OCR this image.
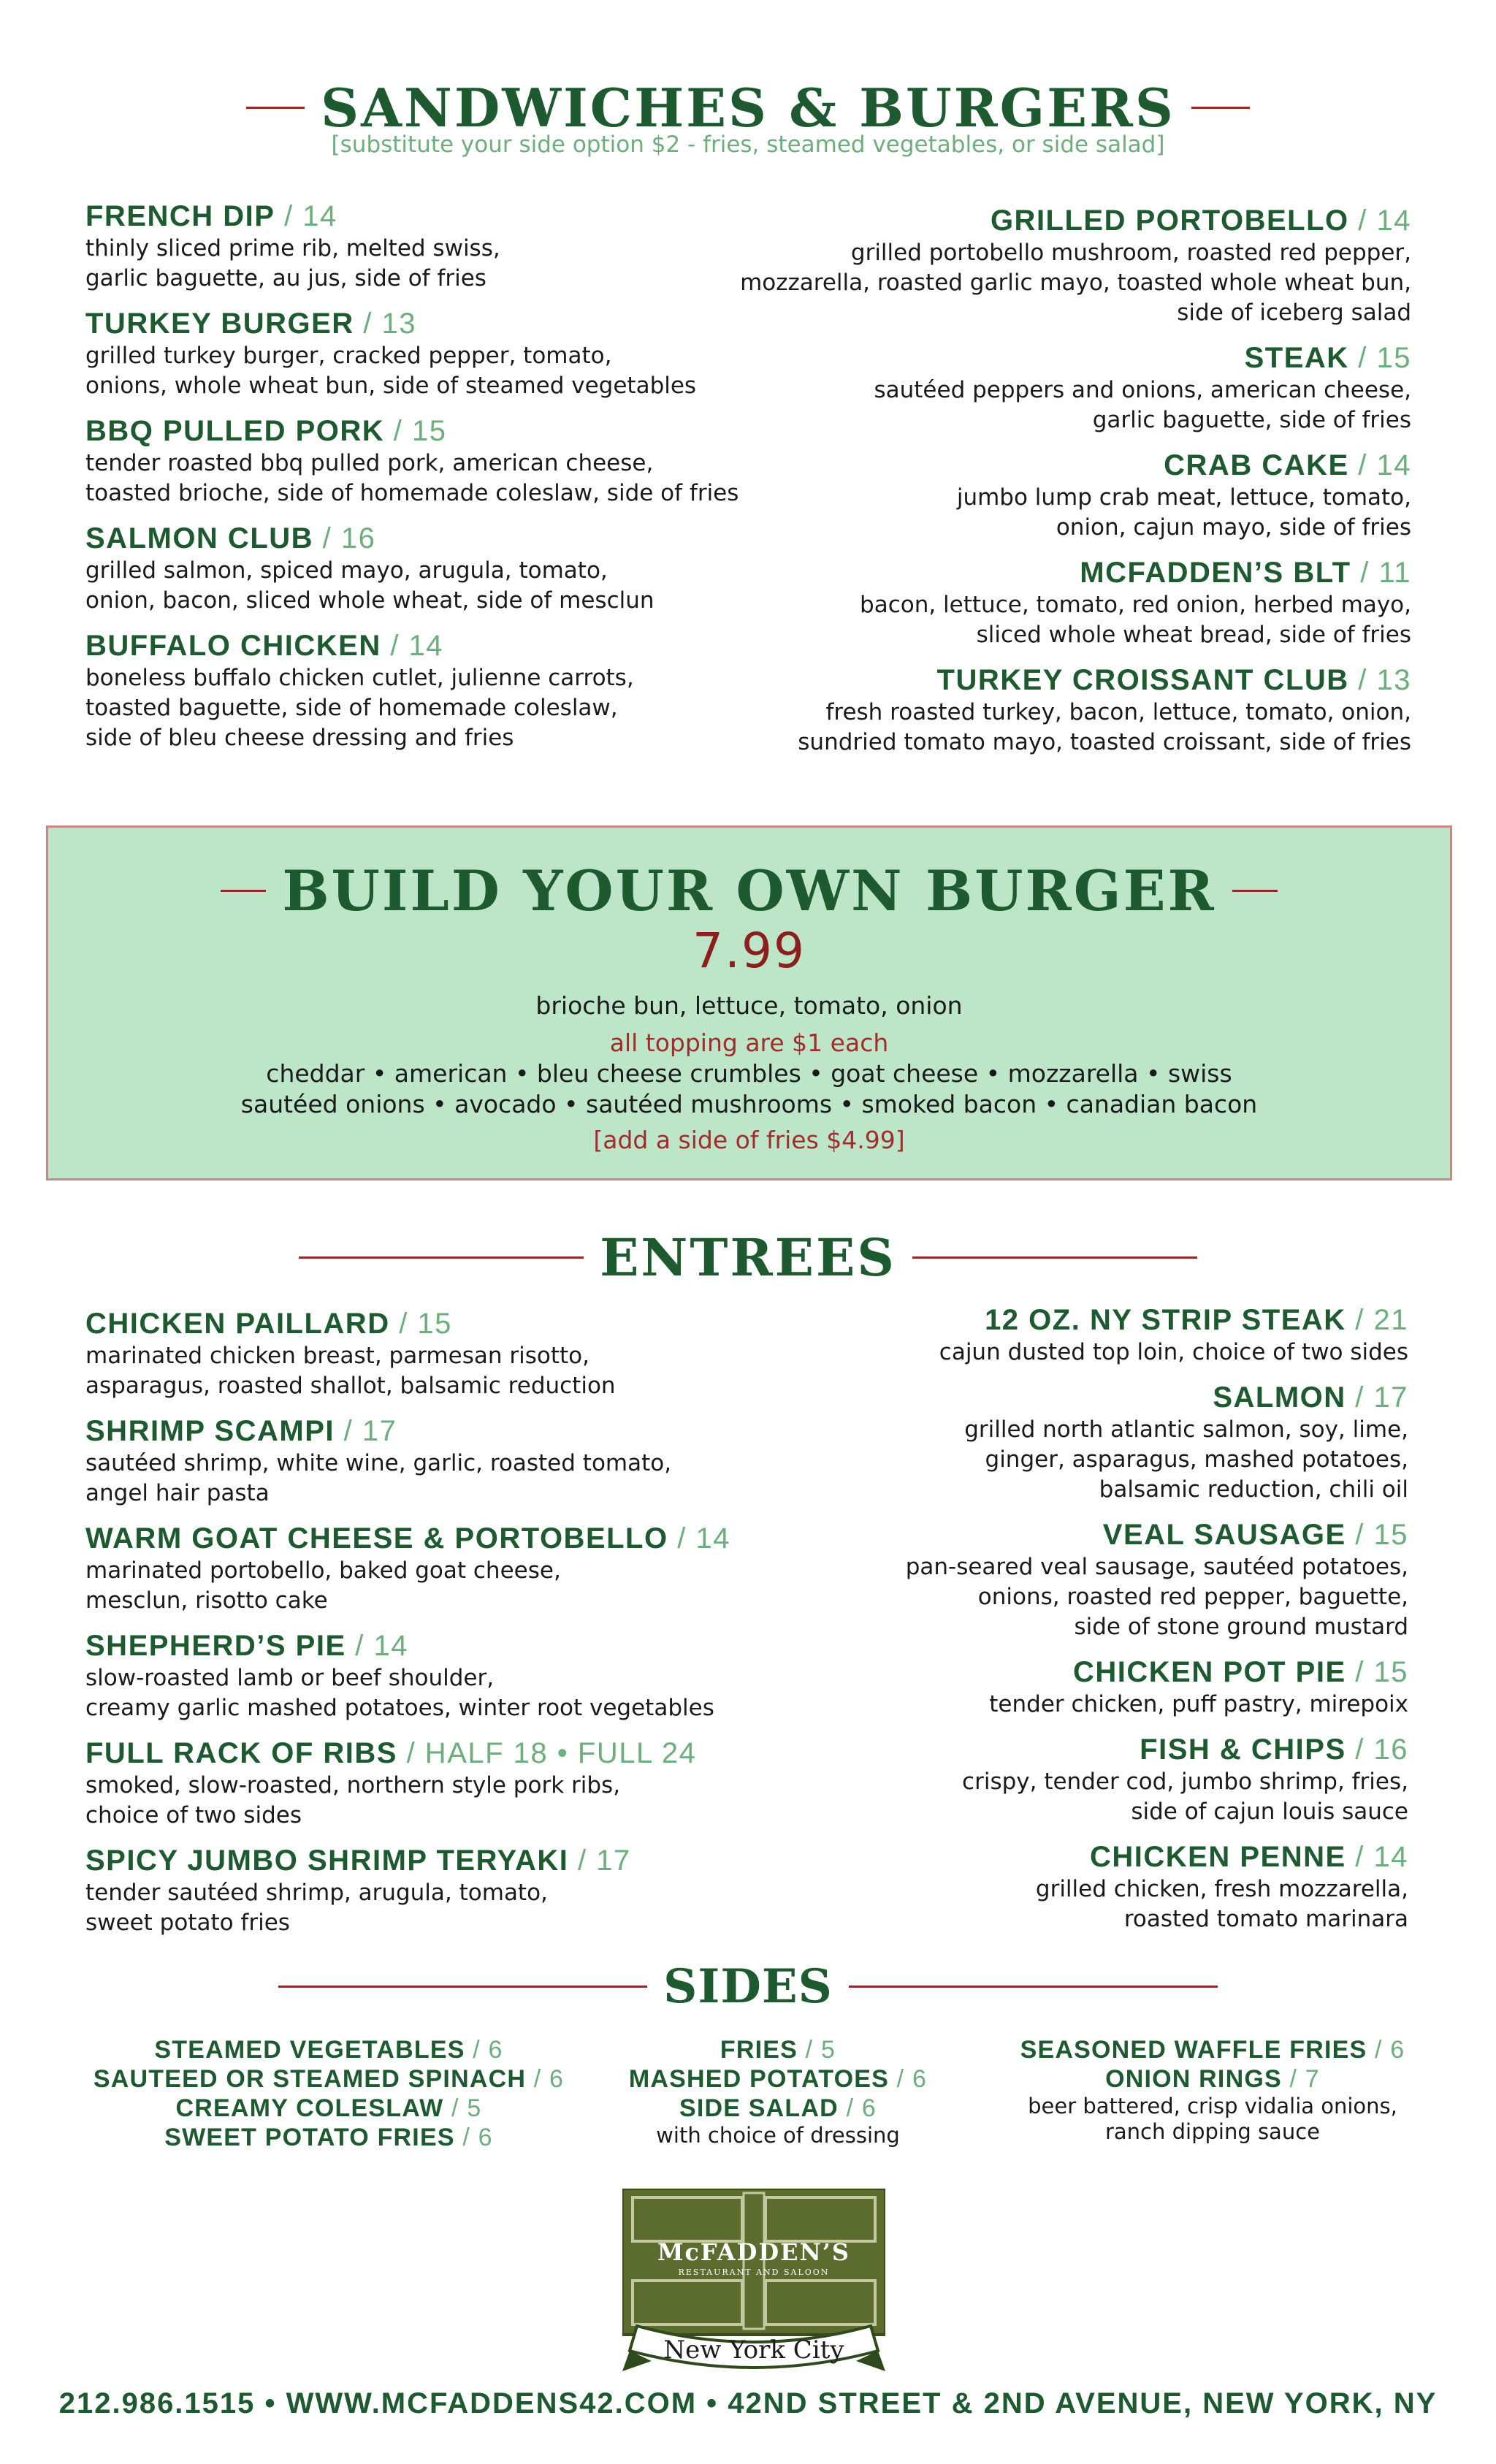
SANDWICHES & BURGERS
[substitute your side option $2 - fries, steamed vegetables, or side salad]
FRENCH DIP / 14
thinly sliced prime rib, melted swiss,
garlic baguette, au jus, side of fries
TURKEY BURGER / 13
grilled turkey burger, cracked pepper, tomato,
onions, whole wheat bun, side of steamed vegetables
BBQ PULLED PORK / 15
tender roasted bbq pulled pork, american cheese,
toasted brioche, side of homemade coleslaw, side of fries
SALMON CLUB / 16
grilled salmon, spiced mayo, arugula, tomato,
onion, bacon, sliced whole wheat, side of mesclun
BUFFALO CHICKEN / 14
boneless buffalo chicken cutlet, julienne carrots,
toasted baguette, side of homemade coleslaw,
side of bleu cheese dressing and fries
GRILLED PORTOBELLO / 14
grilled portobello mushroom, roasted red pepper,
mozzarella, roasted garlic mayo, toasted whole wheat bun,
side of iceberg salad
STEAK / 15
sautéed peppers and onions, american cheese,
garlic baguette, side of fries
CRAB CAKE / 14
jumbo lump crab meat, lettuce, tomato,
onion, cajun mayo, side of fries
MCFADDEN’S BLT / 11
bacon, lettuce, tomato, red onion, herbed mayo,
sliced whole wheat bread, side of fries
TURKEY CROISSANT CLUB / 13
fresh roasted turkey, bacon, lettuce, tomato, onion,
sundried tomato mayo, toasted croissant, side of fries
BUILD YOUR OWN BURGER
7.99
brioche bun, lettuce, tomato, onion
all topping are $1 each
cheddar • american • bleu cheese crumbles • goat cheese • mozzarella • swiss
sautéed onions • avocado • sautéed mushrooms • smoked bacon • canadian bacon
[add a side of fries $4.99]
ENTREES
CHICKEN PAILLARD / 15
marinated chicken breast, parmesan risotto,
asparagus, roasted shallot, balsamic reduction
SHRIMP SCAMPI / 17
sautéed shrimp, white wine, garlic, roasted tomato,
angel hair pasta
WARM GOAT CHEESE & PORTOBELLO / 14
marinated portobello, baked goat cheese,
mesclun, risotto cake
SHEPHERD’S PIE / 14
slow-roasted lamb or beef shoulder,
creamy garlic mashed potatoes, winter root vegetables
FULL RACK OF RIBS / HALF 18 • FULL 24
smoked, slow-roasted, northern style pork ribs,
choice of two sides
SPICY JUMBO SHRIMP TERYAKI / 17
tender sautéed shrimp, arugula, tomato,
sweet potato fries
12 OZ. NY STRIP STEAK / 21
cajun dusted top loin, choice of two sides
SALMON / 17
grilled north atlantic salmon, soy, lime,
ginger, asparagus, mashed potatoes,
balsamic reduction, chili oil
VEAL SAUSAGE / 15
pan-seared veal sausage, sautéed potatoes,
onions, roasted red pepper, baguette,
side of stone ground mustard
CHICKEN POT PIE / 15
tender chicken, puff pastry, mirepoix
FISH & CHIPS / 16
crispy, tender cod, jumbo shrimp, fries,
side of cajun louis sauce
CHICKEN PENNE / 14
grilled chicken, fresh mozzarella,
roasted tomato marinara
SIDES
STEAMED VEGETABLES / 6
SAUTEED OR STEAMED SPINACH / 6
CREAMY COLESLAW / 5
SWEET POTATO FRIES / 6
FRIES / 5
MASHED POTATOES / 6
SIDE SALAD / 6
with choice of dressing
SEASONED WAFFLE FRIES / 6
ONION RINGS / 7
beer battered, crisp vidalia onions,
ranch dipping sauce
McFADDEN’S
RESTAURANT AND SALOON
New York City
212.986.1515 • WWW.MCFADDENS42.COM • 42ND STREET & 2ND AVENUE, NEW YORK, NY
